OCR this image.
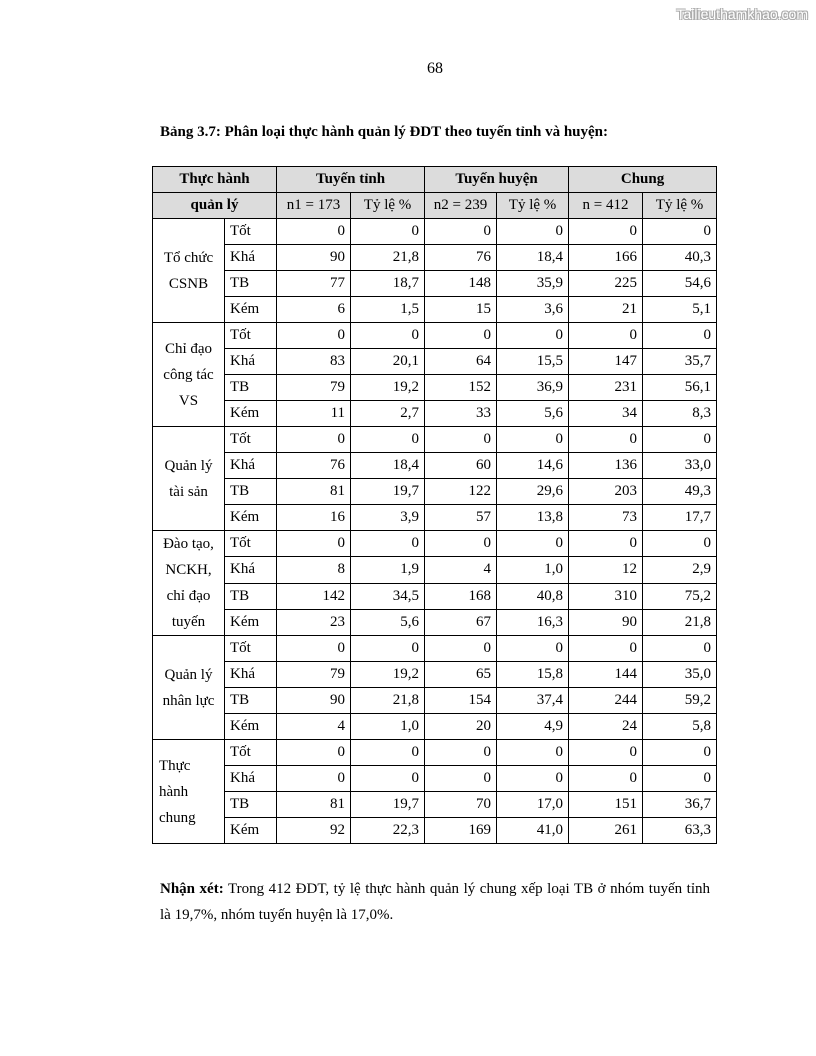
Tailieuthamkhao.com
68
Bảng 3.7: Phân loại thực hành quản lý ĐDT theo tuyến tỉnh và huyện:
Thực hành		Tuyến tỉnh		Tuyến huyện		Chung	
quản lý		n1 = 173	Tỷ lệ %	n2 = 239	Tỷ lệ %	n = 412	Tỷ lệ %

Tổ chức
CSNB	Tốt	0	0	0	0	0	0
	Khá	90	21,8	76	18,4	166	40,3
	TB	77	18,7	148	35,9	225	54,6
	Kém	6	1,5	15	3,6	21	5,1

Chỉ đạo
công tác
VS	Tốt	0	0	0	0	0	0
	Khá	83	20,1	64	15,5	147	35,7
	TB	79	19,2	152	36,9	231	56,1
	Kém	11	2,7	33	5,6	34	8,3

Quản lý
tài sản	Tốt	0	0	0	0	0	0
	Khá	76	18,4	60	14,6	136	33,0
	TB	81	19,7	122	29,6	203	49,3
	Kém	16	3,9	57	13,8	73	17,7

Đào tạo,
NCKH,
chỉ đạo
tuyến	Tốt	0	0	0	0	0	0
	Khá	8	1,9	4	1,0	12	2,9
	TB	142	34,5	168	40,8	310	75,2
	Kém	23	5,6	67	16,3	90	21,8

Quản lý
nhân lực	Tốt	0	0	0	0	0	0
	Khá	79	19,2	65	15,8	144	35,0
	TB	90	21,8	154	37,4	244	59,2
	Kém	4	1,0	20	4,9	24	5,8

Thực
hành
chung	Tốt	0	0	0	0	0	0
	Khá	0	0	0	0	0	0
	TB	81	19,7	70	17,0	151	36,7
	Kém	92	22,3	169	41,0	261	63,3
Nhận xét: Trong 412 ĐDT, tỷ lệ thực hành quản lý chung xếp loại TB ở nhóm tuyến tỉnh là 19,7%, nhóm tuyến huyện là 17,0%.
